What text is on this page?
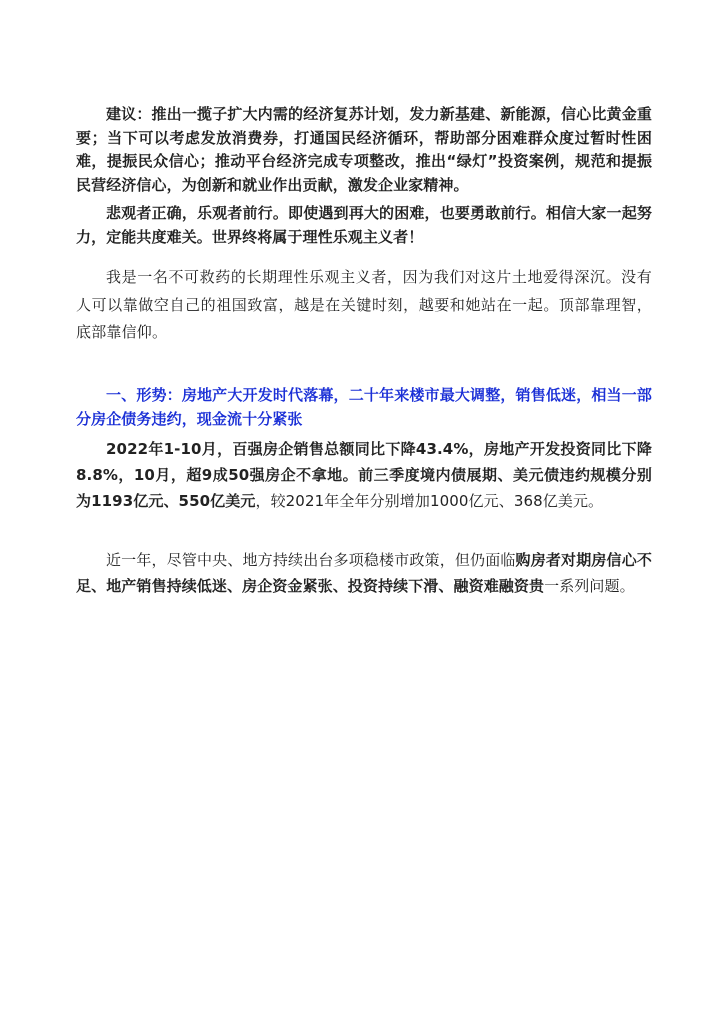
建议：推出一揽子扩大内需的经济复苏计划，发力新基建、新能源，信心比黄金重要；当下可以考虑发放消费券，打通国民经济循环，帮助部分困难群众度过暂时性困难，提振民众信心；推动平台经济完成专项整改，推出“绿灯”投资案例，规范和提振民营经济信心，为创新和就业作出贡献，激发企业家精神。

悲观者正确，乐观者前行。即使遇到再大的困难，也要勇敢前行。相信大家一起努力，定能共度难关。世界终将属于理性乐观主义者！

我是一名不可救药的长期理性乐观主义者，因为我们对这片土地爱得深沉。没有人可以靠做空自己的祖国致富，越是在关键时刻，越要和她站在一起。顶部靠理智，底部靠信仰。

一、形势：房地产大开发时代落幕，二十年来楼市最大调整，销售低迷，相当一部分房企债务违约，现金流十分紧张

2022年1-10月，百强房企销售总额同比下降43.4%，房地产开发投资同比下降8.8%，10月，超9成50强房企不拿地。前三季度境内债展期、美元债违约规模分别为1193亿元、550亿美元，较2021年全年分别增加1000亿元、368亿美元。

近一年，尽管中央、地方持续出台多项稳楼市政策，但仍面临购房者对期房信心不足、地产销售持续低迷、房企资金紧张、投资持续下滑、融资难融资贵一系列问题。
